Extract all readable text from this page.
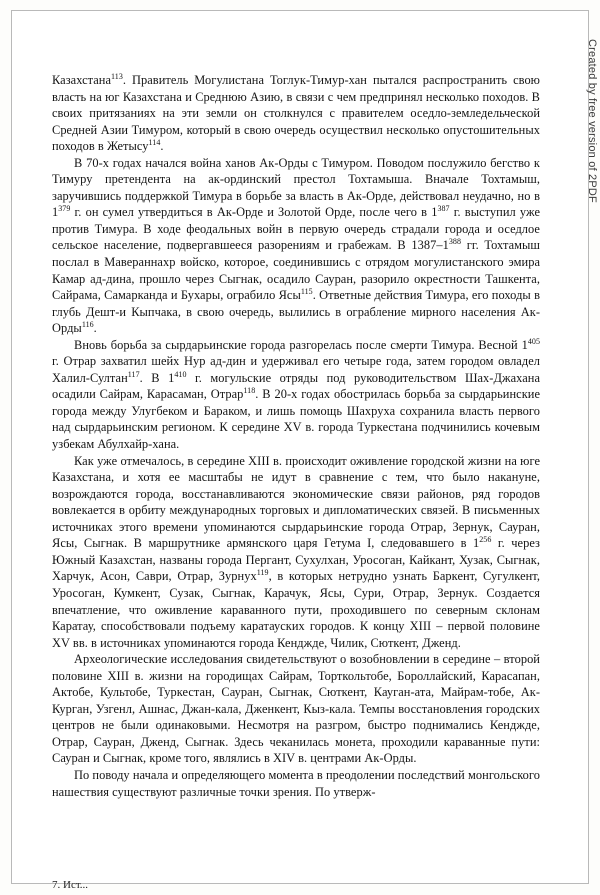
Казахстана$^{113}$. Правитель Могулистана Тоглук-Тимур-хан пытался распространить свою власть на юг Казахстана и Среднюю Азию, в связи с чем предпринял несколько походов. В своих притязаниях на эти земли он столкнулся с правителем оседло-земледельческой Средней Азии Тимуром, который в свою очередь осуществил несколько опустошительных походов в Жетысу$^{114}$.

В 70-х годах начался война ханов Ак-Орды с Тимуром. Поводом послужило бегство к Тимуру претендента на ак-ординский престол Тохтамыша. Вначале Тохтамыш, заручившись поддержкой Тимура в борьбе за власть в Ак-Орде, действовал неудачно, но в $1^{379}$ г. он сумел утвердиться в Ак-Орде и Золотой Орде, после чего в $1^{387}$ г. выступил уже против Тимура. В ходе феодальных войн в первую очередь страдали города и оседлое сельское население, подвергавшееся разорениям и грабежам. В $1387-1^{388}$ гг. Тохтамыш послал в Мавераннахр войско, которое, соединившись с отрядом могулистанского эмира Камар ад-дина, прошло через Сыгнак, осадило Сауран, разорило окрестности Ташкента, Сайрама, Самарканда и Бухары, ограбило Ясы$^{115}$. Ответные действия Тимура, его походы в глубь Дешт-и Кыпчака, в свою очередь, вылились в ограбление мирного населения Ак-Орды$^{116}$.

Вновь борьба за сырдарьинские города разгорелась после смерти Тимура. Весной $1^{405}$ г. Отрар захватил шейх Нур ад-дин и удерживал его четыре года, затем городом овладел Халил-Султан$^{117}$. В $1^{410}$ г. могульские отряды под руководительством Шах-Джахана осадили Сайрам, Карасаман, Отрар$^{118}$. В 20-х годах обострилась борьба за сырдарьинские города между Улугбеком и Бараком, и лишь помощь Шахруха сохранила власть первого над сырдарьинским регионом. К середине XV в. города Туркестана подчинились кочевым узбекам Абулхайр-хана.

Как уже отмечалось, в середине XIII в. происходит оживление городской жизни на юге Казахстана, и хотя ее масштабы не идут в сравнение с тем, что было накануне, возрождаются города, восстанавливаются экономические связи районов, ряд городов вовлекается в орбиту международных торговых и дипломатических связей. В письменных источниках этого времени упоминаются сырдарьинские города Отрар, Зернук, Сауран, Ясы, Сыгнак. В маршрутнике армянского царя Гетума I, следовавшего в $1^{256}$ г. через Южный Казахстан, названы города Пергант, Сухулхан, Уросоган, Кайкант, Хузак, Сыгнак, Харчук, Асон, Саври, Отрар, Зурнух$^{119}$, в которых нетрудно узнать Баркент, Сугулкент, Уросоган, Кумкент, Сузак, Сыгнак, Карачук, Ясы, Сури, Отрар, Зернук. Создается впечатление, что оживление караванного пути, проходившего по северным склонам Каратау, способствовали подъему каратауских городов. К концу XIII – первой половине XV вв. в источниках упоминаются города Кенджде, Чилик, Сюткент, Дженд.

Археологические исследования свидетельствуют о возобновлении в середине – второй половине XIII в. жизни на городищах Сайрам, Торткольтобе, Бороллайский, Карасапан, Актобе, Культобе, Туркестан, Сауран, Сыгнак, Сюткент, Кауган-ата, Майрам-тобе, Ак-Курган, Узгенл, Ашнас, Джан-кала, Дженкент, Кыз-кала. Темпы восстановления городских центров не были одинаковыми. Несмотря на разгром, быстро поднимались Кенджде, Отрар, Сауран, Дженд, Сыгнак. Здесь чеканилась монета, проходили караванные пути: Сауран и Сыгнак, кроме того, являлись в XIV в. центрами Ак-Орды.

По поводу начала и определяющего момента в преодолении последствий монгольского нашествия существуют различные точки зрения. По утверж-

Created by free version of 2PDF
7. Ист...
